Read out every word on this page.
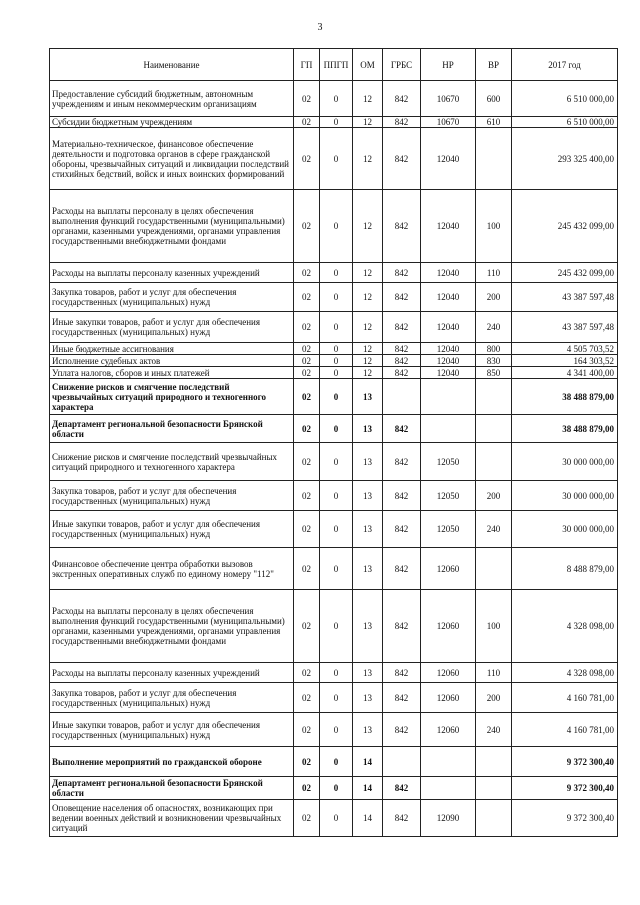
3
Наименование	ГП	ППГП	ОМ	ГРБС	НР	ВР	2017 год
Предоставление субсидий бюджетным, автономным учреждениям и иным некоммерческим организациям	02	0	12	842	10670	600	6 510 000,00
Субсидии бюджетным учреждениям	02	0	12	842	10670	610	6 510 000,00
Материально-техническое, финансовое обеспечение деятельности и подготовка органов в сфере гражданской обороны, чрезвычайных ситуаций и ликвидации последствий стихийных бедствий, войск и иных воинских формирований	02	0	12	842	12040		293 325 400,00
Расходы на выплаты персоналу в целях обеспечения выполнения функций государственными (муниципальными) органами, казенными учреждениями, органами управления государственными внебюджетными фондами	02	0	12	842	12040	100	245 432 099,00
Расходы на выплаты персоналу казенных учреждений	02	0	12	842	12040	110	245 432 099,00
Закупка товаров, работ и услуг для обеспечения государственных (муниципальных) нужд	02	0	12	842	12040	200	43 387 597,48
Иные закупки товаров, работ и услуг для обеспечения государственных (муниципальных) нужд	02	0	12	842	12040	240	43 387 597,48
Иные бюджетные ассигнования	02	0	12	842	12040	800	4 505 703,52
Исполнение судебных актов	02	0	12	842	12040	830	164 303,52
Уплата налогов, сборов и иных платежей	02	0	12	842	12040	850	4 341 400,00
Снижение рисков и смягчение последствий чрезвычайных ситуаций природного и техногенного характера	02	0	13				38 488 879,00
Департамент региональной безопасности Брянской области	02	0	13	842			38 488 879,00
Снижение рисков и смягчение последствий чрезвычайных ситуаций природного и техногенного характера	02	0	13	842	12050		30 000 000,00
Закупка товаров, работ и услуг для обеспечения государственных (муниципальных) нужд	02	0	13	842	12050	200	30 000 000,00
Иные закупки товаров, работ и услуг для обеспечения государственных (муниципальных) нужд	02	0	13	842	12050	240	30 000 000,00
Финансовое обеспечение центра обработки вызовов экстренных оперативных служб по единому номеру "112"	02	0	13	842	12060		8 488 879,00
Расходы на выплаты персоналу в целях обеспечения выполнения функций государственными (муниципальными) органами, казенными учреждениями, органами управления государственными внебюджетными фондами	02	0	13	842	12060	100	4 328 098,00
Расходы на выплаты персоналу казенных учреждений	02	0	13	842	12060	110	4 328 098,00
Закупка товаров, работ и услуг для обеспечения государственных (муниципальных) нужд	02	0	13	842	12060	200	4 160 781,00
Иные закупки товаров, работ и услуг для обеспечения государственных (муниципальных) нужд	02	0	13	842	12060	240	4 160 781,00
Выполнение мероприятий по гражданской обороне	02	0	14				9 372 300,40
Департамент региональной безопасности Брянской области	02	0	14	842			9 372 300,40
Оповещение населения об опасностях, возникающих при ведении военных действий и возникновении чрезвычайных ситуаций	02	0	14	842	12090		9 372 300,40
